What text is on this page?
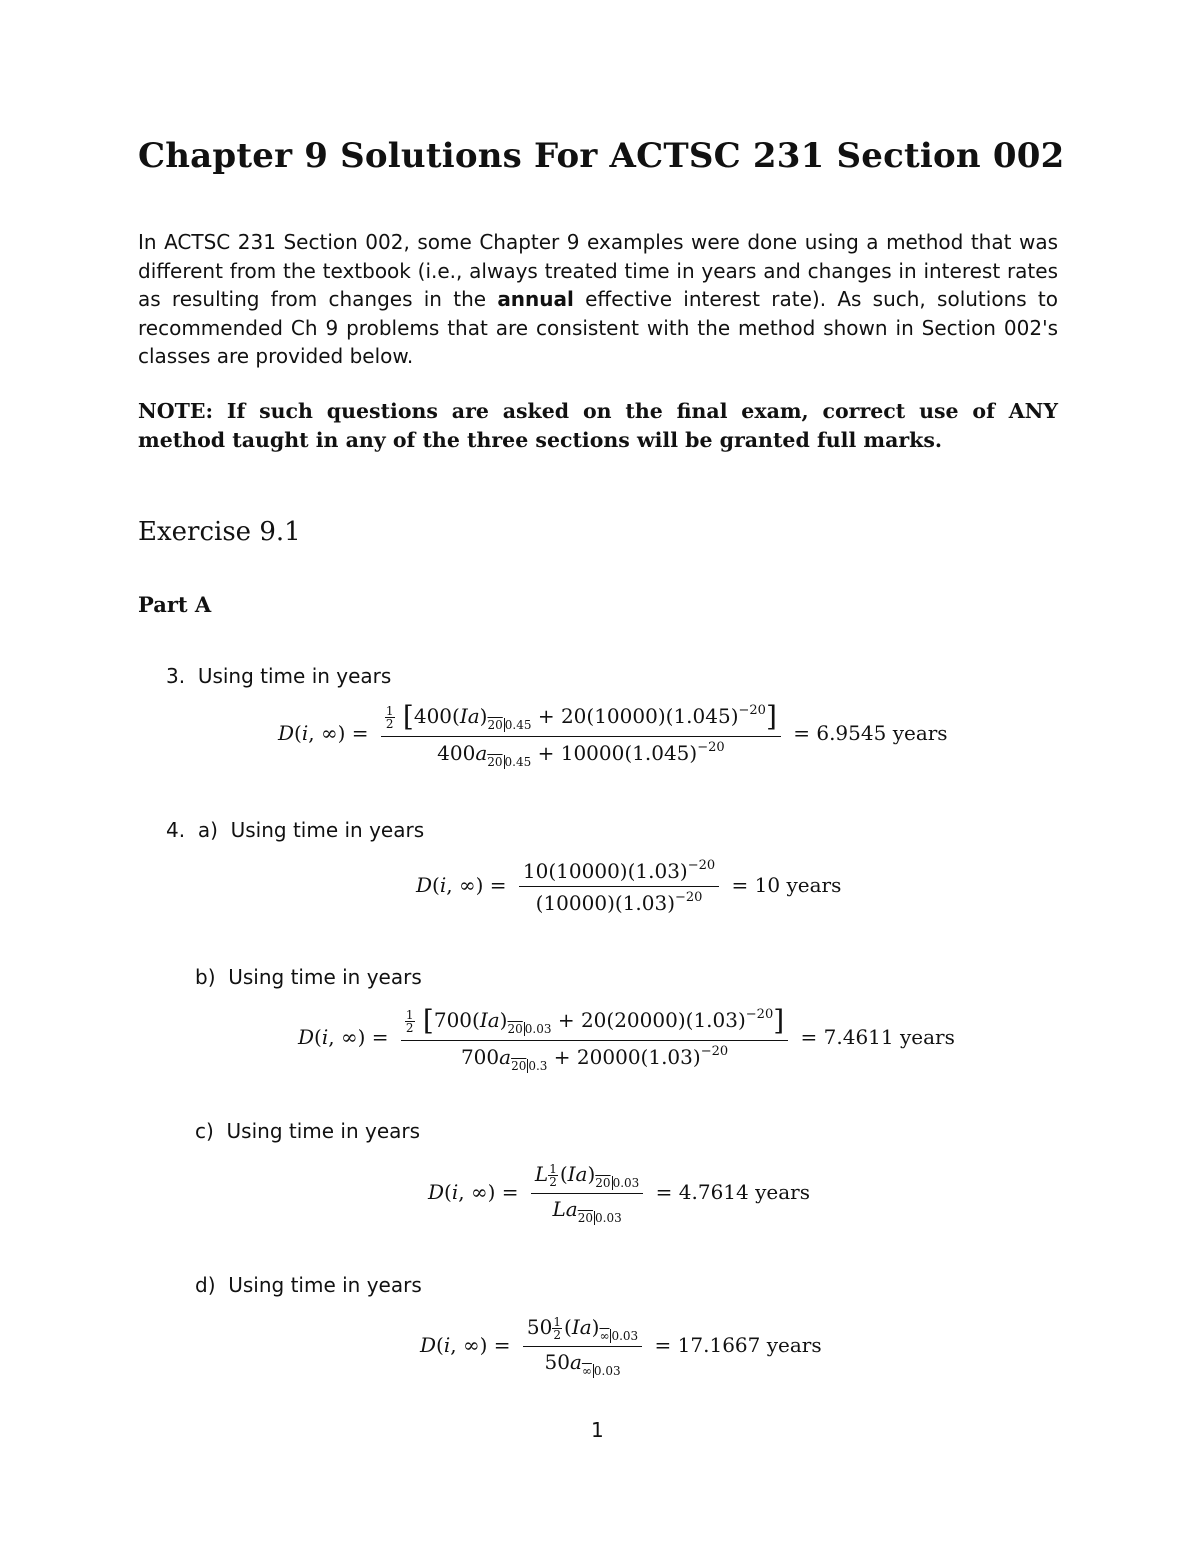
Chapter 9 Solutions For ACTSC 231 Section 002
In ACTSC 231 Section 002, some Chapter 9 examples were done using a method that was different from the textbook (i.e., always treated time in years and changes in interest rates as resulting from changes in the annual effective interest rate). As such, solutions to recommended Ch 9 problems that are consistent with the method shown in Section 002's classes are provided below.
NOTE: If such questions are asked on the final exam, correct use of ANY method taught in any of the three sections will be granted full marks.
Exercise 9.1
Part A
3. Using time in years
D(i, ∞) = $\frac{\frac{1}{2} [400(Ia)_{20 0.45} + 20(10000)(1.045)^{-20}]}{400a_{20 0.45} + 10000(1.045)^{-20}} = 6.9545$ years
4. a) Using time in years
D(i, ∞) = $\frac{10(10000)(1.03)^{-20}}{(10000)(1.03)^{-20}} = 10$ years
b) Using time in years
D(i, ∞) = $\frac{\frac{1}{2} [700(Ia)_{20 0.03} + 20(20000)(1.03)^{-20}]}{700a_{20 0.3} + 20000(1.03)^{-20}} = 7.4611$ years
c) Using time in years
D(i, ∞) = $\frac{L \frac{1}{2} (Ia)_{20 0.03}}{La_{20 0.03}} = 4.7614$ years
d) Using time in years
D(i, ∞) = $\frac{50 \frac{1}{2} (Ia)_{\infty 0.03}}{50a_{\infty 0.03}} = 17.1667$ years
1
